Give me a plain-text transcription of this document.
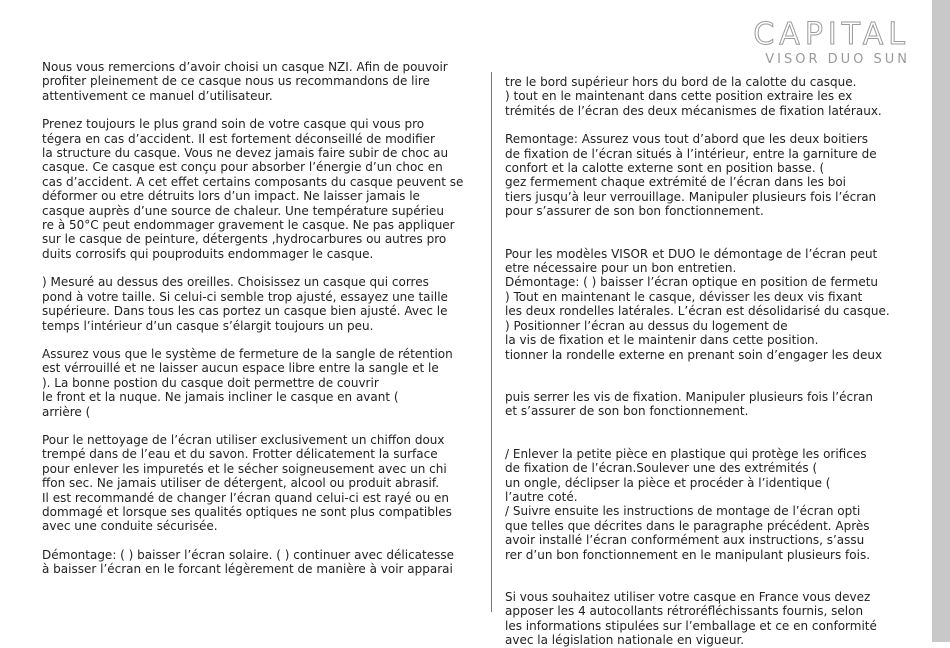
CAPITAL
VISOR DUO SUN

Nous vous remercions d’avoir choisi un casque NZI. Afin de pouvoir
profiter pleinement de ce casque nous us recommandons de lire
attentivement ce manuel d’utilisateur.

Prenez toujours le plus grand soin de votre casque qui vous pro
tégera en cas d’accident. Il est fortement déconseillé de modifier
la structure du casque. Vous ne devez jamais faire subir de choc au
casque. Ce casque est conçu pour absorber l’énergie d’un choc en
cas d’accident. A cet effet certains composants du casque peuvent se
déformer ou etre détruits lors d’un impact. Ne laisser jamais le
casque auprès d’une source de chaleur. Une température supérieu
re à 50°C peut endommager gravement le casque. Ne pas appliquer
sur le casque de peinture, détergents ,hydrocarbures ou autres pro
duits corrosifs qui pouproduits endommager le casque.

) Mesuré au dessus des oreilles. Choisissez un casque qui corres
pond à votre taille. Si celui-ci semble trop ajusté, essayez une taille
supérieure. Dans tous les cas portez un casque bien ajusté. Avec le
temps l’intérieur d’un casque s’élargit toujours un peu.

Assurez vous que le système de fermeture de la sangle de rétention
est vérrouillé et ne laisser aucun espace libre entre la sangle et le
). La bonne postion du casque doit permettre de couvrir
le front et la nuque. Ne jamais incliner le casque en avant (
arrière (

Pour le nettoyage de l’écran utiliser exclusivement un chiffon doux
trempé dans de l’eau et du savon. Frotter délicatement la surface
pour enlever les impuretés et le sécher soigneusement avec un chi
ffon sec. Ne jamais utiliser de détergent, alcool ou produit abrasif.
Il est recommandé de changer l’écran quand celui-ci est rayé ou en
dommagé et lorsque ses qualités optiques ne sont plus compatibles
avec une conduite sécurisée.

Démontage: ( ) baisser l’écran solaire. ( ) continuer avec délicatesse
à baisser l’écran en le forcant légèrement de manière à voir apparai

tre le bord supérieur hors du bord de la calotte du casque.
) tout en le maintenant dans cette position extraire les ex
trémités de l’écran des deux mécanismes de fixation latéraux.

Remontage: Assurez vous tout d’abord que les deux boitiers
de fixation de l’écran situés à l’intérieur, entre la garniture de
confort et la calotte externe sont en position basse. (
gez fermement chaque extrémité de l’écran dans les boi
tiers jusqu’à leur verrouillage. Manipuler plusieurs fois l’écran
pour s’assurer de son bon fonctionnement.

Pour les modèles VISOR et DUO le démontage de l’écran peut
etre nécessaire pour un bon entretien.
Démontage: ( ) baisser l’écran optique en position de fermetu
) Tout en maintenant le casque, dévisser les deux vis fixant
les deux rondelles latérales. L’écran est désolidarisé du casque.
) Positionner l’écran au dessus du logement de
la vis de fixation et le maintenir dans cette position.
tionner la rondelle externe en prenant soin d’engager les deux

puis serrer les vis de fixation. Manipuler plusieurs fois l’écran
et s’assurer de son bon fonctionnement.

/ Enlever la petite pièce en plastique qui protège les orifices
de fixation de l’écran.Soulever une des extrémités (
un ongle, déclipser la pièce et procéder à l’identique (
l’autre coté.
/ Suivre ensuite les instructions de montage de l’écran opti
que telles que décrites dans le paragraphe précédent. Après
avoir installé l’écran conformément aux instructions, s’assu
rer d’un bon fonctionnement en le manipulant plusieurs fois.

Si vous souhaitez utiliser votre casque en France vous devez
apposer les 4 autocollants rétroréfléchissants fournis, selon
les informations stipulées sur l’emballage et ce en conformité
avec la législation nationale en vigueur.
